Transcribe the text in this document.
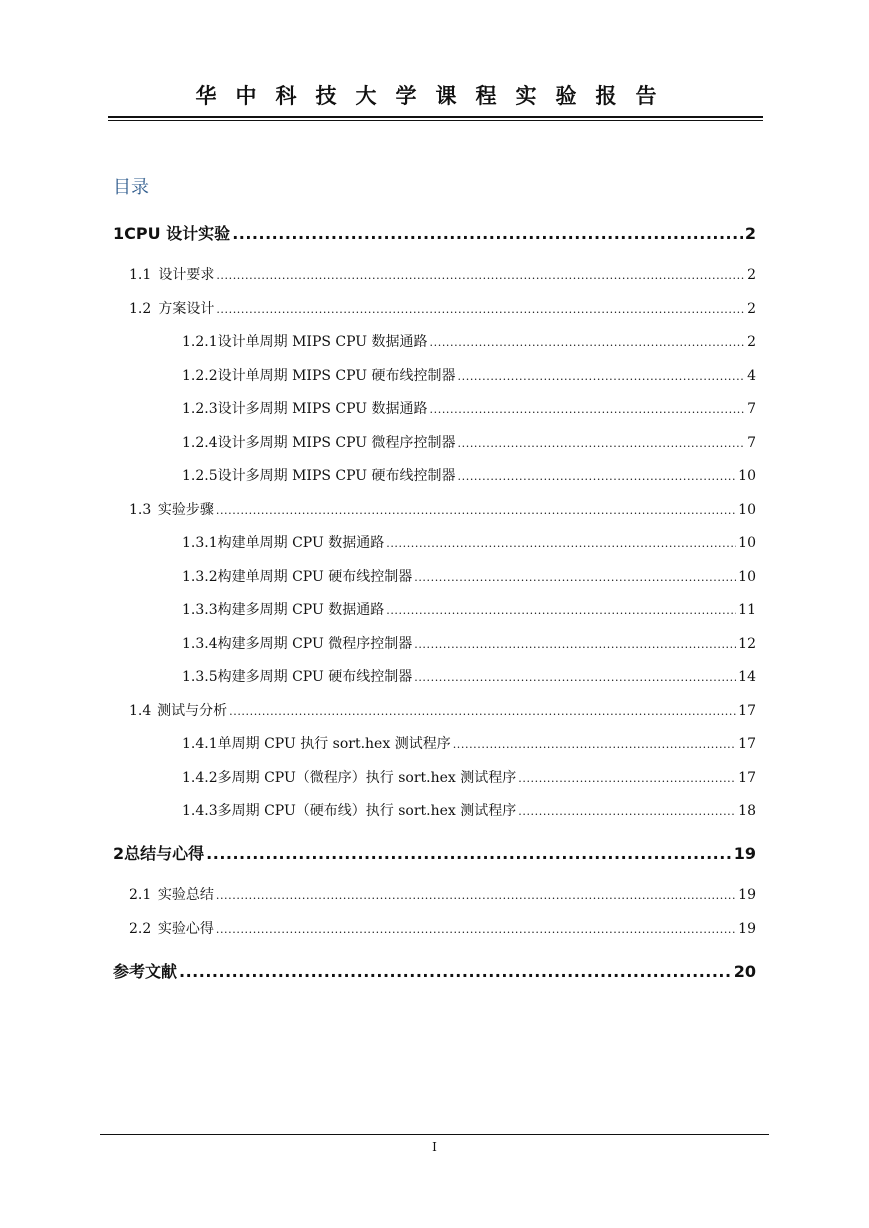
华中科技大学课程实验报告
目录
1 CPU 设计实验 .....	2
1.1 设计要求 .....	2
1.2 方案设计 .....	2
1.2.1 设计单周期 MIPS CPU 数据通路 .....	2
1.2.2 设计单周期 MIPS CPU 硬布线控制器 .....	4
1.2.3 设计多周期 MIPS CPU 数据通路 .....	7
1.2.4 设计多周期 MIPS CPU 微程序控制器 .....	7
1.2.5 设计多周期 MIPS CPU 硬布线控制器 .....	10
1.3 实验步骤 .....	10
1.3.1 构建单周期 CPU 数据通路 .....	10
1.3.2 构建单周期 CPU 硬布线控制器 .....	10
1.3.3 构建多周期 CPU 数据通路 .....	11
1.3.4 构建多周期 CPU 微程序控制器 .....	12
1.3.5 构建多周期 CPU 硬布线控制器 .....	14
1.4 测试与分析 .....	17
1.4.1 单周期 CPU 执行 sort.hex 测试程序 .....	17
1.4.2 多周期 CPU（微程序）执行 sort.hex 测试程序 .....	17
1.4.3 多周期 CPU（硬布线）执行 sort.hex 测试程序 .....	18
2 总结与心得 .....	19
2.1 实验总结 .....	19
2.2 实验心得 .....	19
参考文献 .....	20
I
